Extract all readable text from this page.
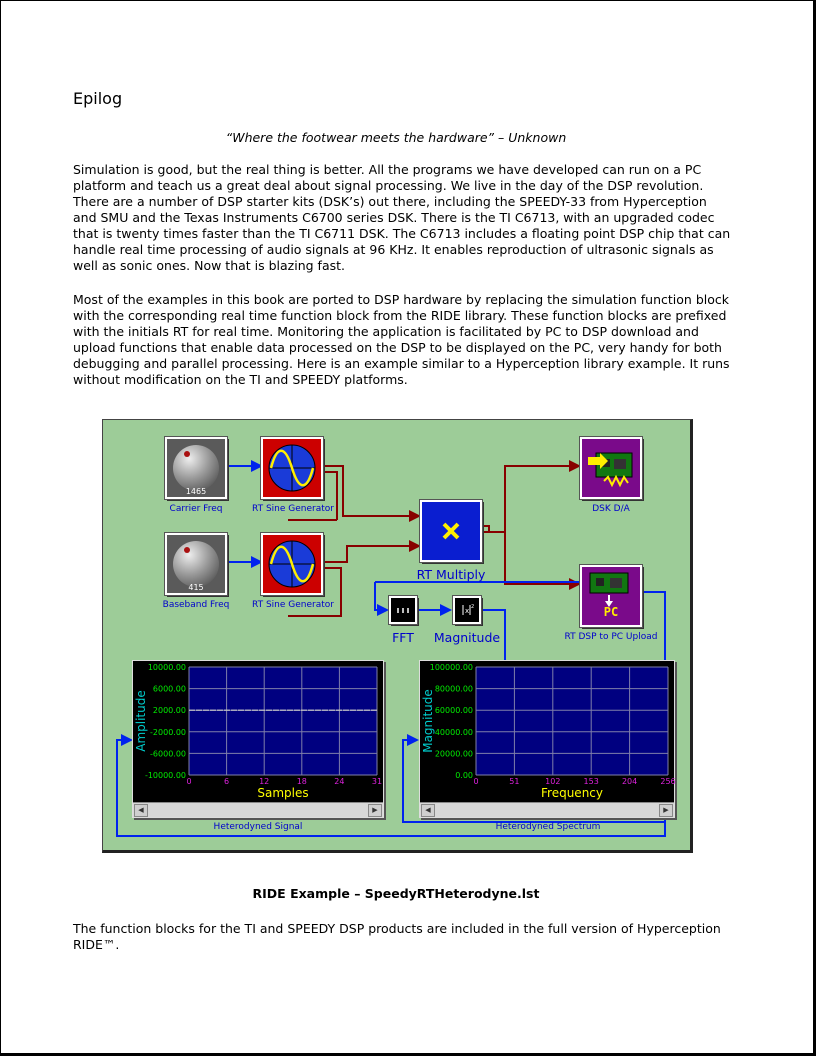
Epilog
“Where the footwear meets the hardware” – Unknown
Simulation is good, but the real thing is better. All the programs we have developed can run on a PC platform and teach us a great deal about signal processing. We live in the day of the DSP revolution. There are a number of DSP starter kits (DSK’s) out there, including the SPEEDY-33 from Hyperception and SMU and the Texas Instruments C6700 series DSK. There is the TI C6713, with an upgraded codec that is twenty times faster than the TI C6711 DSK. The C6713 includes a floating point DSP chip that can handle real time processing of audio signals at 96 KHz. It enables reproduction of ultrasonic signals as well as sonic ones. Now that is blazing fast.
Most of the examples in this book are ported to DSP hardware by replacing the simulation function block with the corresponding real time function block from the RIDE library. These function blocks are prefixed with the initials RT for real time. Monitoring the application is facilitated by PC to DSP download and upload functions that enable data processed on the DSP to be displayed on the PC, very handy for both debugging and parallel processing. Here is an example similar to a Hyperception library example. It runs without modification on the TI and SPEEDY platforms.
1465
Carrier Freq	RT Sine Generator
415
Baseband Freq	RT Sine Generator
RT Multiply
DSK D/A
PC
RT DSP to PC Upload
FFT
x 2
Magnitude
10000.00
6000.00
2000.00
-2000.00
-6000.00
-10000.00
0	6	12	18	24	31
Samples
Amplitude
◀	▶
Heterodyned Signal
100000.00
80000.00
60000.00
40000.00
20000.00
0.00
0	51	102	153	204	256
Frequency
Magnitude
◀	▶
Heterodyned Spectrum
RIDE Example – SpeedyRTHeterodyne.lst
The function blocks for the TI and SPEEDY DSP products are included in the full version of Hyperception RIDE™.
